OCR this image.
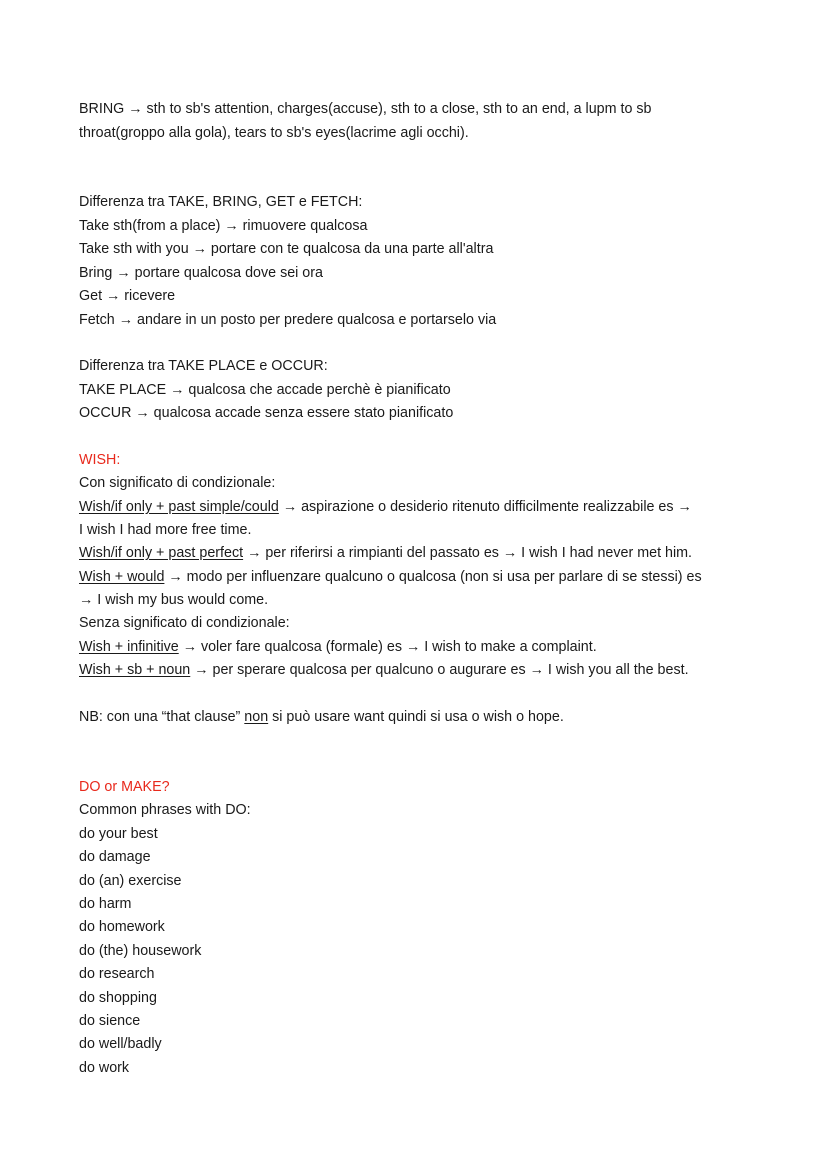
BRING → sth to sb's attention, charges(accuse), sth to a close, sth to an end, a lupm to sb
throat(groppo alla gola), tears to sb's eyes(lacrime agli occhi).
Differenza tra TAKE, BRING, GET e FETCH:
Take sth(from a place) → rimuovere qualcosa
Take sth with you → portare con te qualcosa da una parte all'altra
Bring → portare qualcosa dove sei ora
Get → ricevere
Fetch → andare in un posto per predere qualcosa e portarselo via
Differenza tra TAKE PLACE e OCCUR:
TAKE PLACE → qualcosa che accade perchè è pianificato
OCCUR → qualcosa accade senza essere stato pianificato
WISH:
Con significato di condizionale:
Wish/if only + past simple/could → aspirazione o desiderio ritenuto difficilmente realizzabile es →
I wish I had more free time.
Wish/if only + past perfect → per riferirsi a rimpianti del passato es → I wish I had never met him.
Wish + would → modo per influenzare qualcuno o qualcosa (non si usa per parlare di se stessi) es
→ I wish my bus would come.
Senza significato di condizionale:
Wish + infinitive → voler fare qualcosa (formale) es → I wish to make a complaint.
Wish + sb + noun → per sperare qualcosa per qualcuno o augurare es → I wish you all the best.
NB: con una “that clause” non si può usare want quindi si usa o wish o hope.
DO or MAKE?
Common phrases with DO:
do your best
do damage
do (an) exercise
do harm
do homework
do (the) housework
do research
do shopping
do sience
do well/badly
do work
